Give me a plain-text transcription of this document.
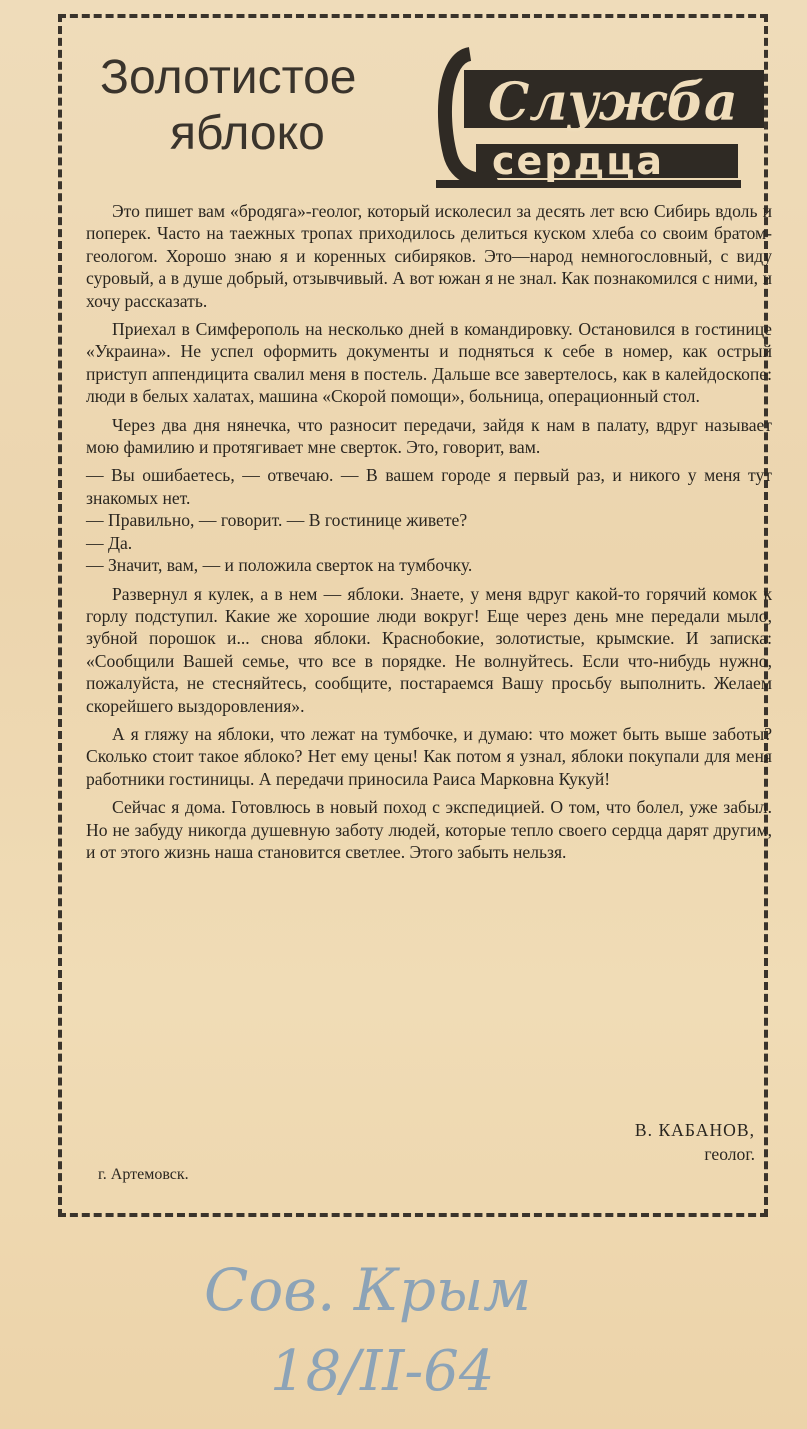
Золотистое
яблоко
Служба
сердца

Это пишет вам «бродяга»-геолог, который исколесил за десять лет всю Сибирь вдоль и поперек. Часто на таежных тропах приходилось делиться куском хлеба со своим братом-геологом. Хорошо знаю я и коренных сибиряков. Это—народ немногословный, с виду суровый, а в душе добрый, отзывчивый. А вот южан я не знал. Как познакомился с ними, и хочу рассказать.

Приехал в Симферополь на несколько дней в командировку. Остановился в гостинице «Украина». Не успел оформить документы и подняться к себе в номер, как острый приступ аппендицита свалил меня в постель. Дальше все завертелось, как в калейдоскопе: люди в белых халатах, машина «Скорой помощи», больница, операционный стол.

Через два дня нянечка, что разносит передачи, зайдя к нам в палату, вдруг называет мою фамилию и протягивает мне сверток. Это, говорит, вам.

— Вы ошибаетесь, — отвечаю. — В вашем городе я первый раз, и никого у меня тут знакомых нет.

— Правильно, — говорит. — В гостинице живете?

— Да.

— Значит, вам, — и положила сверток на тумбочку.

Развернул я кулек, а в нем — яблоки. Знаете, у меня вдруг какой-то горячий комок к горлу подступил. Какие же хорошие люди вокруг! Еще через день мне передали мыло, зубной порошок и... снова яблоки. Краснобокие, золотистые, крымские. И записка: «Сообщили Вашей семье, что все в порядке. Не волнуйтесь. Если что-нибудь нужно, пожалуйста, не стесняйтесь, сообщите, постараемся Вашу просьбу выполнить. Желаем скорейшего выздоровления».

А я гляжу на яблоки, что лежат на тумбочке, и думаю: что может быть выше заботы? Сколько стоит такое яблоко? Нет ему цены! Как потом я узнал, яблоки покупали для меня работники гостиницы. А передачи приносила Раиса Марковна Кукуй!

Сейчас я дома. Готовлюсь в новый поход с экспедицией. О том, что болел, уже забыл. Но не забуду никогда душевную заботу людей, которые тепло своего сердца дарят другим, и от этого жизнь наша становится светлее. Этого забыть нельзя.

В. КАБАНОВ,
геолог.
г. Артемовск.
Сов. Крым
18/II-64
